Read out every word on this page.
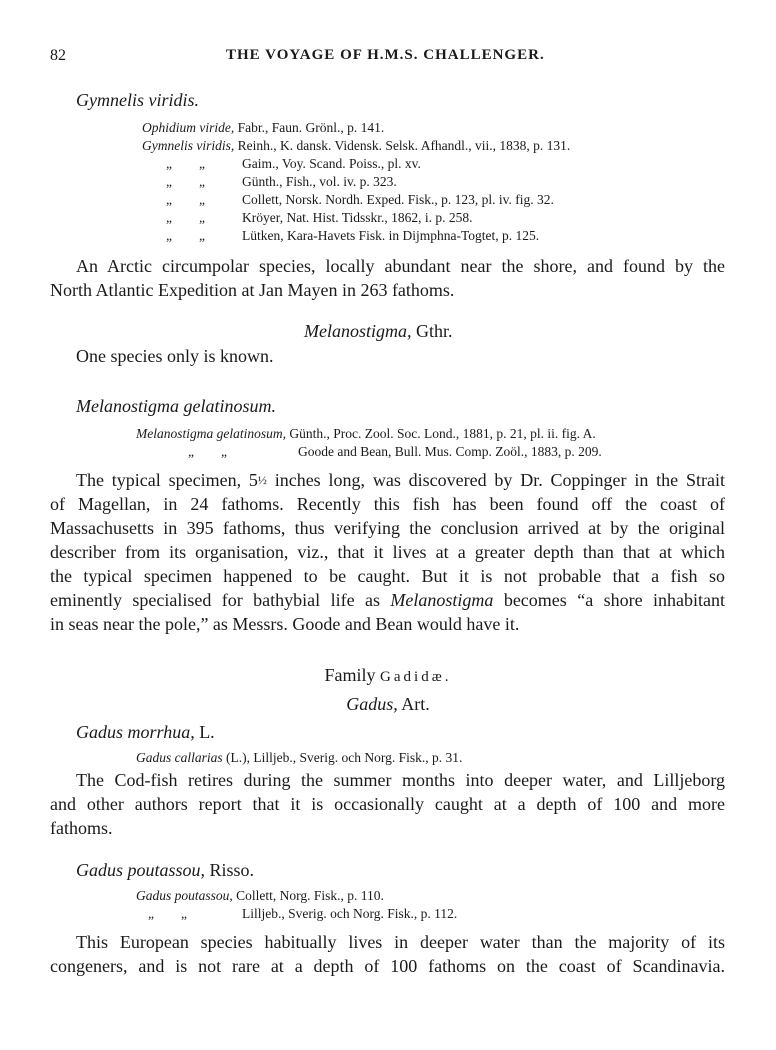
82	THE VOYAGE OF H.M.S. CHALLENGER.
Gymnelis viridis.
Ophidium viride, Fabr., Faun. Grönl., p. 141.
Gymnelis viridis, Reinh., K. dansk. Vidensk. Selsk. Afhandl., vii., 1838, p. 131.
„        „	Gaim., Voy. Scand. Poiss., pl. xv.
„        „	Günth., Fish., vol. iv. p. 323.
„        „	Collett, Norsk. Nordh. Exped. Fisk., p. 123, pl. iv. fig. 32.
„        „	Kröyer, Nat. Hist. Tidsskr., 1862, i. p. 258.
„        „	Lütken, Kara-Havets Fisk. in Dijmphna-Togtet, p. 125.
An Arctic circumpolar species, locally abundant near the shore, and found by the
North Atlantic Expedition at Jan Mayen in 263 fathoms.
Melanostigma, Gthr.
One species only is known.
Melanostigma gelatinosum.
Melanostigma gelatinosum, Günth., Proc. Zool. Soc. Lond., 1881, p. 21, pl. ii. fig. A.
„        „	Goode and Bean, Bull. Mus. Comp. Zoöl., 1883, p. 209.
The typical specimen, 5½ inches long, was discovered by Dr. Coppinger in the Strait
of Magellan, in 24 fathoms. Recently this fish has been found off the coast of
Massachusetts in 395 fathoms, thus verifying the conclusion arrived at by the original
describer from its organisation, viz., that it lives at a greater depth than that at which
the typical specimen happened to be caught. But it is not probable that a fish so
eminently specialised for bathybial life as Melanostigma becomes “a shore inhabitant
in seas near the pole,” as Messrs. Goode and Bean would have it.
Family Gadidæ.
Gadus, Art.
Gadus morrhua, L.
Gadus callarias (L.), Lilljeb., Sverig. och Norg. Fisk., p. 31.
The Cod-fish retires during the summer months into deeper water, and Lilljeborg
and other authors report that it is occasionally caught at a depth of 100 and more
fathoms.
Gadus poutassou, Risso.
Gadus poutassou, Collett, Norg. Fisk., p. 110.
„        „	Lilljeb., Sverig. och Norg. Fisk., p. 112.
This European species habitually lives in deeper water than the majority of its
congeners, and is not rare at a depth of 100 fathoms on the coast of Scandinavia.
